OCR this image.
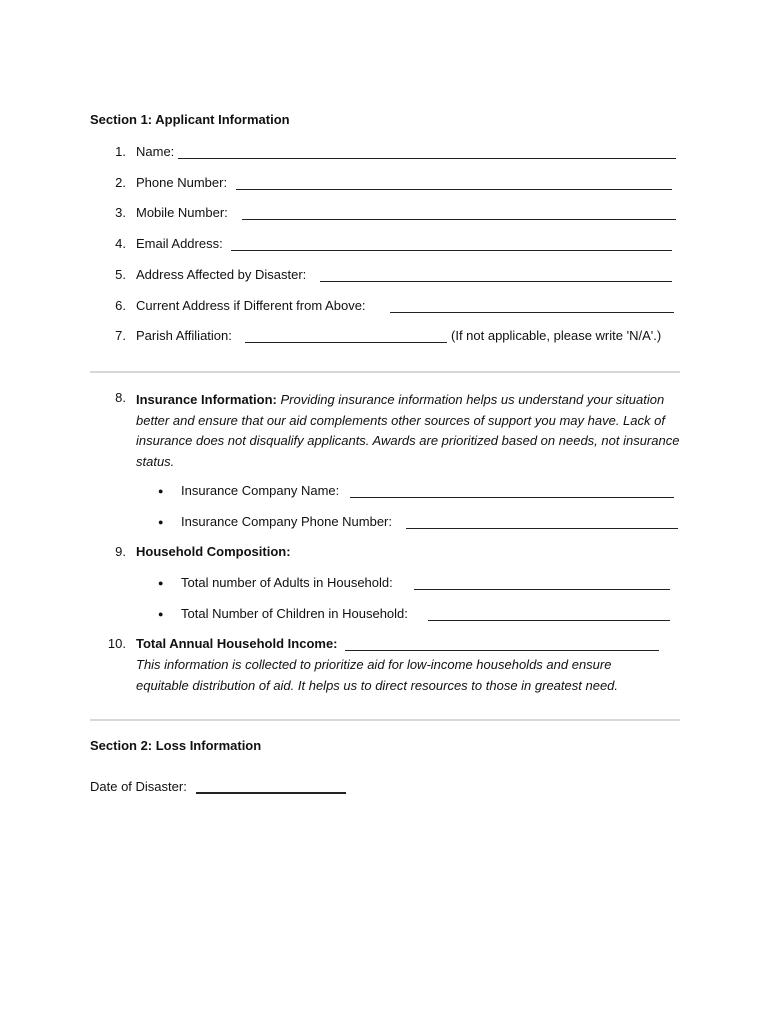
Section 1: Applicant Information
1. Name:
2. Phone Number:
3. Mobile Number:
4. Email Address:
5. Address Affected by Disaster:
6. Current Address if Different from Above:
7. Parish Affiliation:	(If not applicable, please write 'N/A'.)
8. Insurance Information: Providing insurance information helps us understand your situation better and ensure that our aid complements other sources of support you may have. Lack of insurance does not disqualify applicants. Awards are prioritized based on needs, not insurance status.
● Insurance Company Name:
● Insurance Company Phone Number:
9. Household Composition:
● Total number of Adults in Household:
● Total Number of Children in Household:
10. Total Annual Household Income:
This information is collected to prioritize aid for low-income households and ensure equitable distribution of aid. It helps us to direct resources to those in greatest need.
Section 2: Loss Information
Date of Disaster:
